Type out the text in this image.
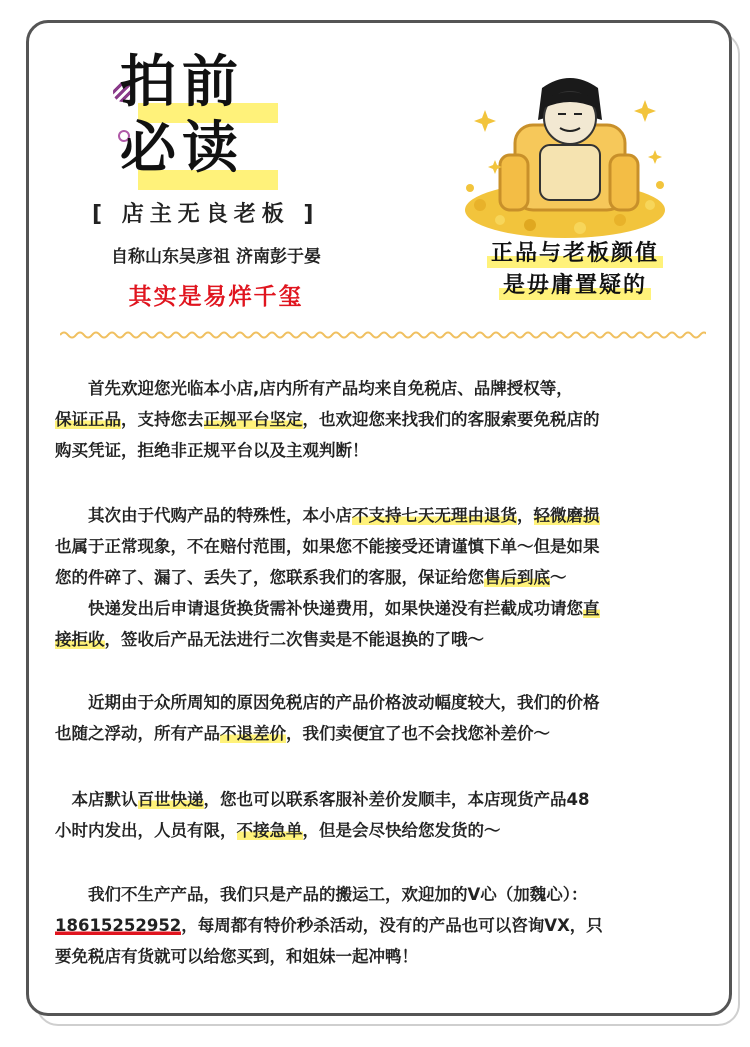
拍前
必读
[ 店主无良老板 ]
自称山东吴彦祖 济南彭于晏
其实是易烊千玺
正品与老板颜值
是毋庸置疑的
　　首先欢迎您光临本小店,店内所有产品均来自免税店、品牌授权等，
保证正品，支持您去正规平台坚定，也欢迎您来找我们的客服索要免税店的
购买凭证，拒绝非正规平台以及主观判断！
　　其次由于代购产品的特殊性，本小店不支持七天无理由退货，轻微磨损
也属于正常现象，不在赔付范围，如果您不能接受还请谨慎下单～但是如果
您的件碎了、漏了、丢失了，您联系我们的客服，保证给您售后到底～
　　快递发出后申请退货换货需补快递费用，如果快递没有拦截成功请您直
接拒收，签收后产品无法进行二次售卖是不能退换的了哦～
　　近期由于众所周知的原因免税店的产品价格波动幅度较大，我们的价格
也随之浮动，所有产品不退差价，我们卖便宜了也不会找您补差价～
　本店默认百世快递，您也可以联系客服补差价发顺丰，本店现货产品48
小时内发出，人员有限，不接急单，但是会尽快给您发货的～
　　我们不生产产品，我们只是产品的搬运工，欢迎加的V心（加魏心）：
18615252952，每周都有特价秒杀活动，没有的产品也可以咨询VX，只
要免税店有货就可以给您买到，和姐妹一起冲鸭！
